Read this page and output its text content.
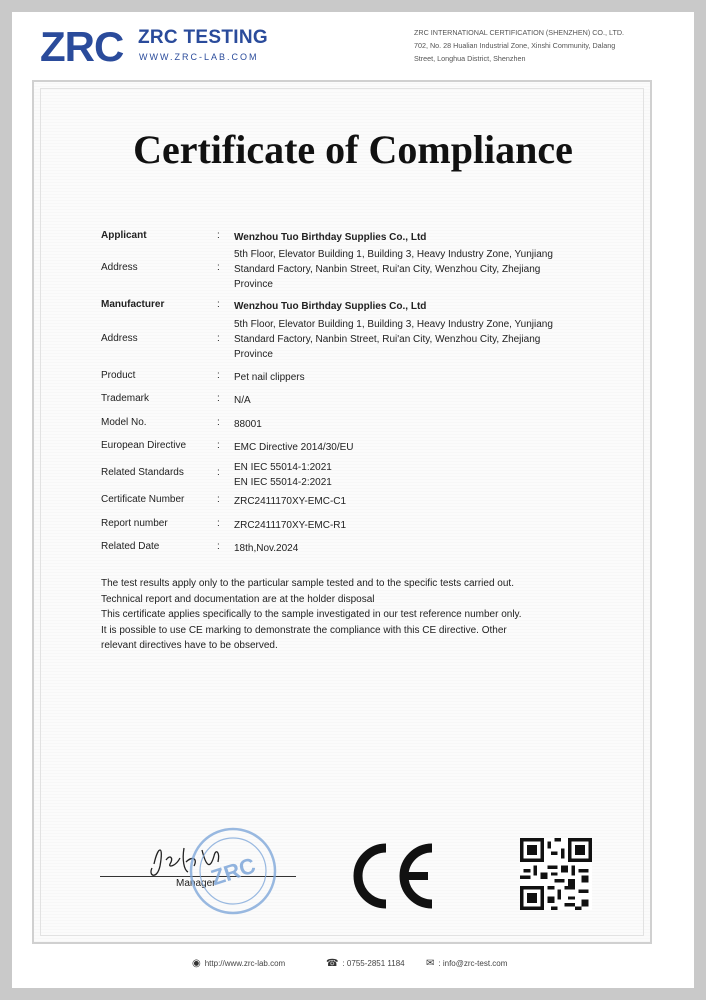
ZRC ZRC TESTING
WWW.ZRC-LAB.COM
ZRC INTERNATIONAL CERTIFICATION (SHENZHEN) CO., LTD.
702, No. 28 Hualian Industrial Zone, Xinshi Community, Dalang
Street, Longhua District, Shenzhen
Certificate of Compliance
Applicant	: Wenzhou Tuo Birthday Supplies Co., Ltd
Address	:
5th Floor, Elevator Building 1, Building 3, Heavy Industry Zone, Yunjiang
Standard Factory, Nanbin Street, Rui'an City, Wenzhou City, Zhejiang
Province
Manufacturer	: Wenzhou Tuo Birthday Supplies Co., Ltd
Address	:
5th Floor, Elevator Building 1, Building 3, Heavy Industry Zone, Yunjiang
Standard Factory, Nanbin Street, Rui'an City, Wenzhou City, Zhejiang
Province
Product	: Pet nail clippers
Trademark	: N/A
Model No.	: 88001
European Directive	: EMC Directive 2014/30/EU
Related Standards	: EN IEC 55014-1:2021
EN IEC 55014-2:2021
Certificate Number	: ZRC2411170XY-EMC-C1
Report number	: ZRC2411170XY-EMC-R1
Related Date	: 18th,Nov.2024
The test results apply only to the particular sample tested and to the specific tests carried out.
Technical report and documentation are at the holder disposal
This certificate applies specifically to the sample investigated in our test reference number only.
It is possible to use CE marking to demonstrate the compliance with this CE directive. Other
relevant directives have to be observed.
Manager
ZRC
◉ http://www.zrc-lab.com	☎ : 0755-2851 1184 ✉ : info@zrc-test.com
